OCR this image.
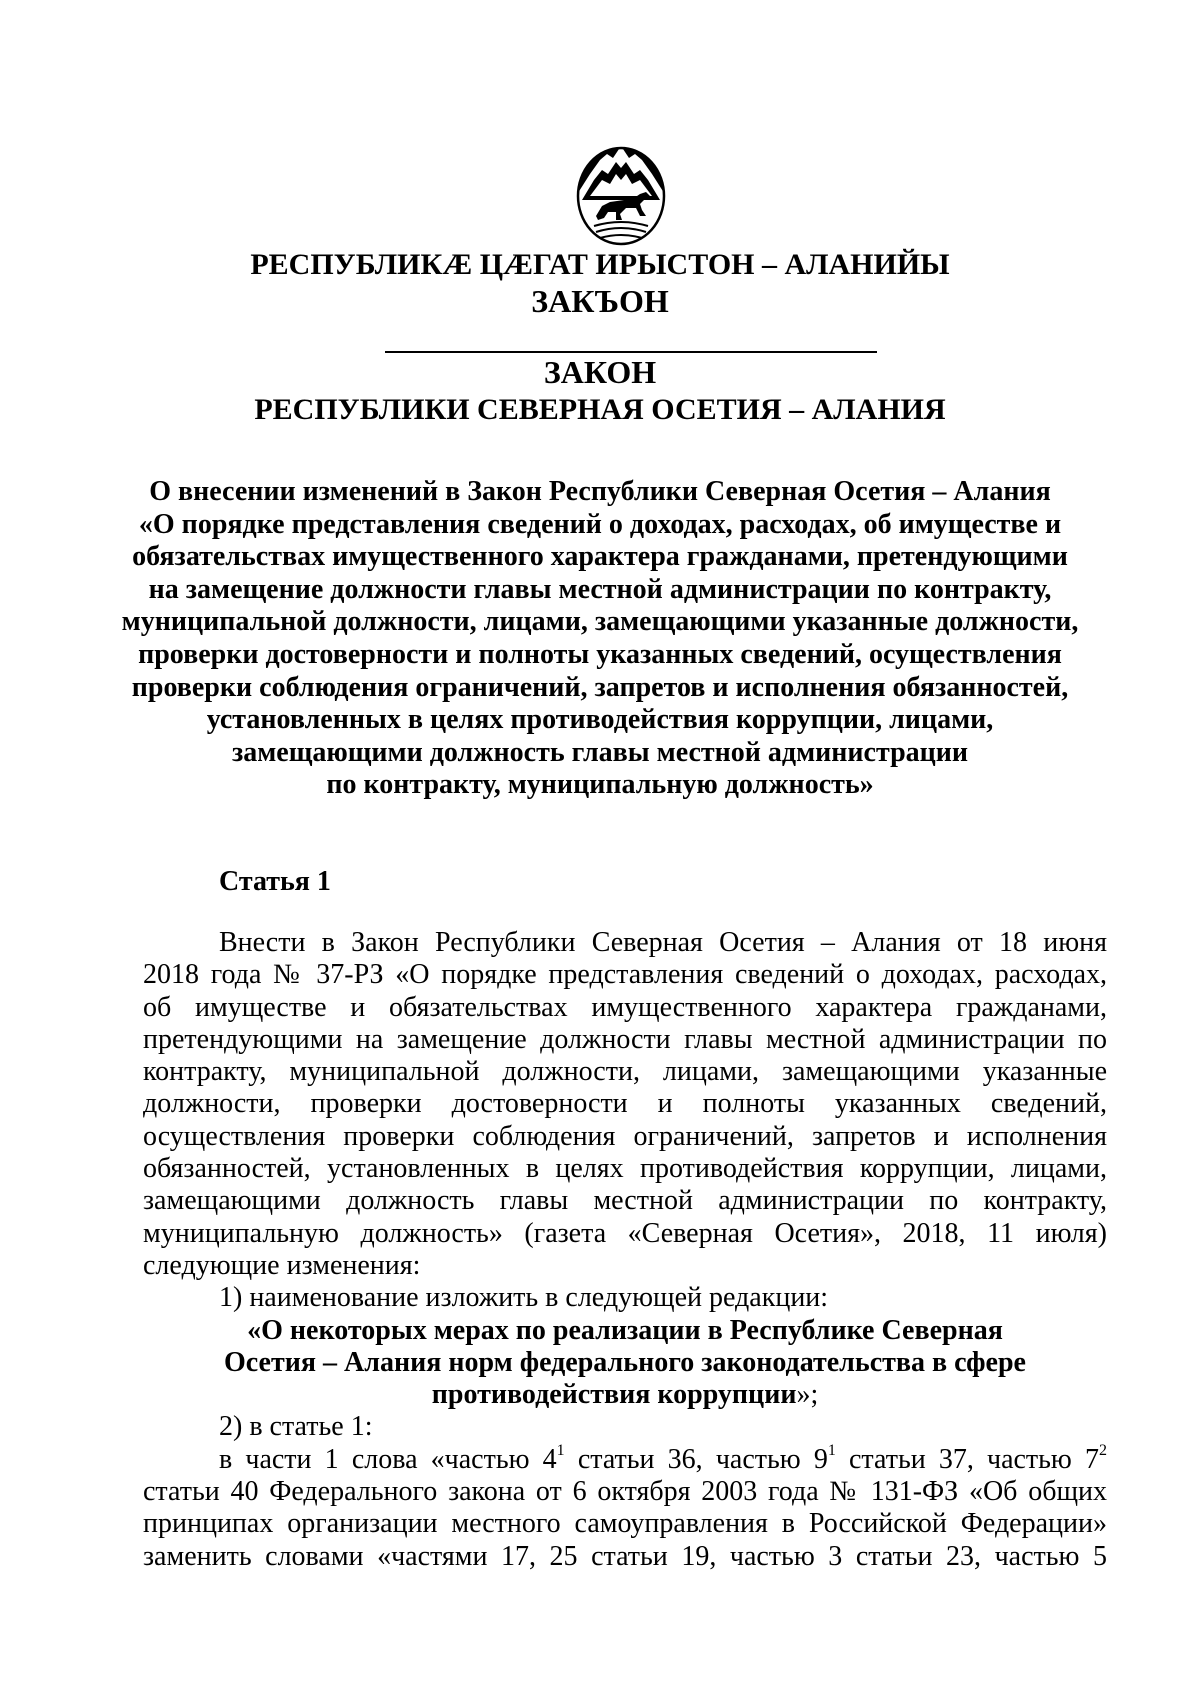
РЕСПУБЛИКӔ ЦӔГАТ ИРЫСТОН – АЛАНИЙЫ
ЗАКЪОН
ЗАКОН
РЕСПУБЛИКИ СЕВЕРНАЯ ОСЕТИЯ – АЛАНИЯ
О внесении изменений в Закон Республики Северная Осетия – Алания
«О порядке представления сведений о доходах, расходах, об имуществе и
обязательствах имущественного характера гражданами, претендующими
на замещение должности главы местной администрации по контракту,
муниципальной должности, лицами, замещающими указанные должности,
проверки достоверности и полноты указанных сведений, осуществления
проверки соблюдения ограничений, запретов и исполнения обязанностей,
установленных в целях противодействия коррупции, лицами,
замещающими должность главы местной администрации
по контракту, муниципальную должность»
Статья 1

Внести в Закон Республики Северная Осетия – Алания от 18 июня

2018 года № 37-РЗ «О порядке представления сведений о доходах, расходах,

об имуществе и обязательствах имущественного характера гражданами,

претендующими на замещение должности главы местной администрации по

контракту, муниципальной должности, лицами, замещающими указанные

должности, проверки достоверности и полноты указанных сведений,

осуществления проверки соблюдения ограничений, запретов и исполнения

обязанностей, установленных в целях противодействия коррупции, лицами,

замещающими должность главы местной администрации по контракту,

муниципальную должность» (газета «Северная Осетия», 2018, 11 июля)

следующие изменения:

1) наименование изложить в следующей редакции:

«О некоторых мерах по реализации в Республике Северная

Осетия – Алания норм федерального законодательства в сфере

противодействия коррупции»;

2) в статье 1:

в части 1 слова «частью $4^1$ статьи 36, частью $9^1$ статьи 37, частью $7^2$

статьи 40 Федерального закона от 6 октября 2003 года № 131-ФЗ «Об общих

принципах организации местного самоуправления в Российской Федерации»

заменить словами «частями 17, 25 статьи 19, частью 3 статьи 23, частью 5
